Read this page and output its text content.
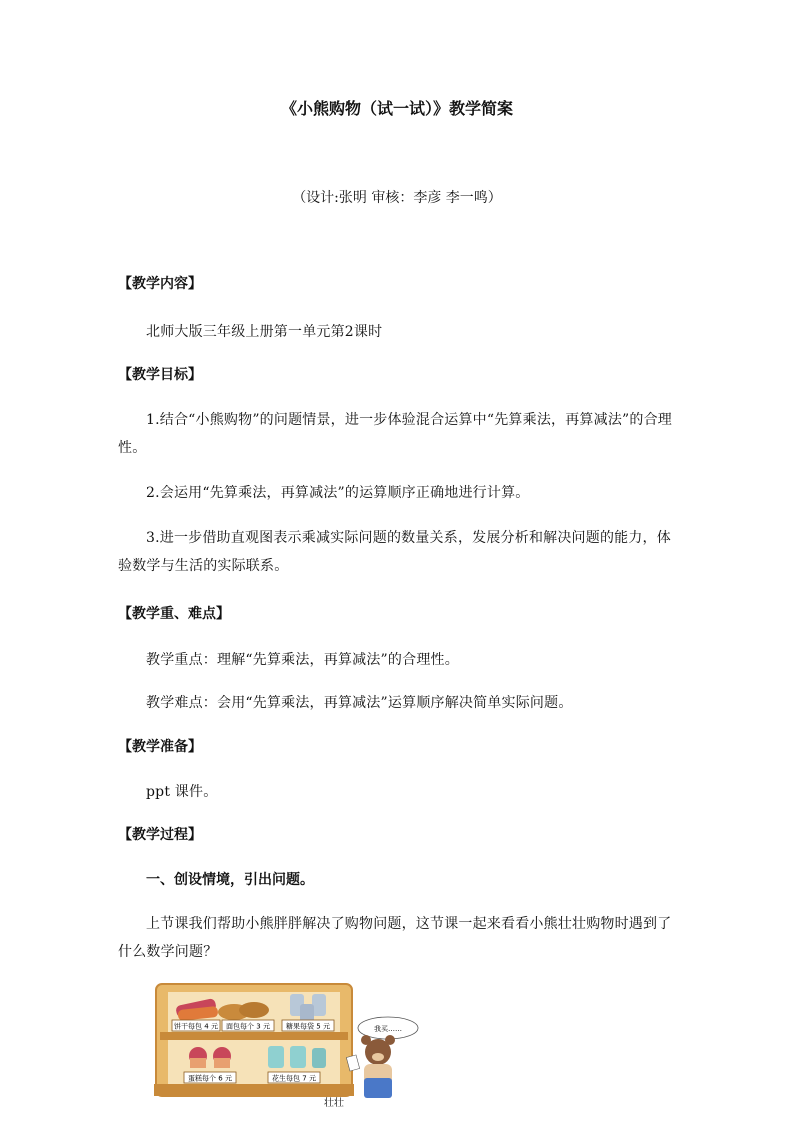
《小熊购物（试一试）》教学简案
（设计:张明 审核：李彦 李一鸣）
【教学内容】
北师大版三年级上册第一单元第2课时
【教学目标】
1.结合“小熊购物”的问题情景，进一步体验混合运算中“先算乘法，再算减法”的合理性。
2.会运用“先算乘法，再算减法”的运算顺序正确地进行计算。
3.进一步借助直观图表示乘减实际问题的数量关系，发展分析和解决问题的能力，体验数学与生活的实际联系。
【教学重、难点】
教学重点：理解“先算乘法，再算减法”的合理性。
教学难点：会用“先算乘法，再算减法”运算顺序解决简单实际问题。
【教学准备】
ppt 课件。
【教学过程】
一、创设情境，引出问题。
上节课我们帮助小熊胖胖解决了购物问题，这节课一起来看看小熊壮壮购物时遇到了什么数学问题？
饼干每包 4 元 面包每个 3 元 糖果每袋 5 元
蛋糕每个 6 元	花生每包 7 元
我买……
壮壮
